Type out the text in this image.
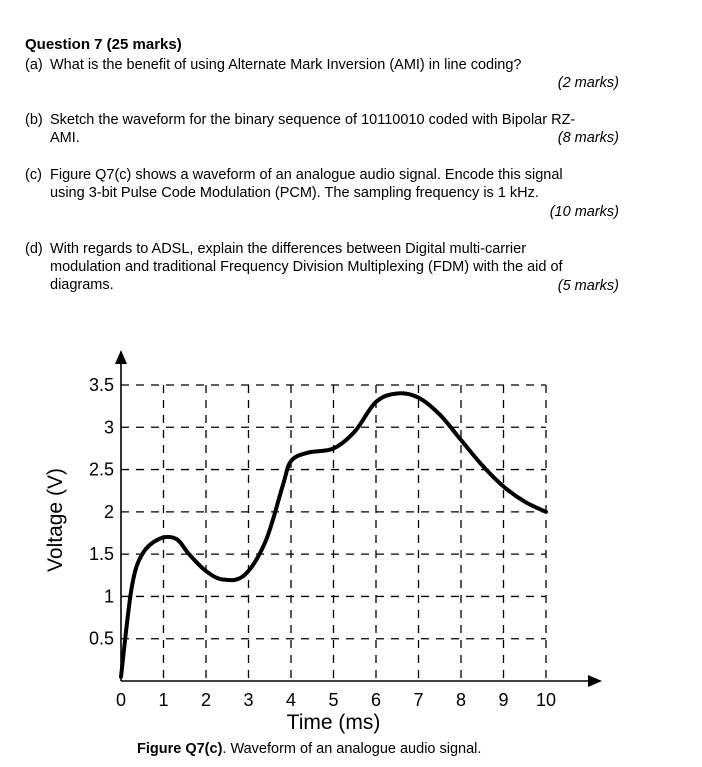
Question 7 (25 marks)
(a) What is the benefit of using Alternate Mark Inversion (AMI) in line coding?
(2 marks)
(b) Sketch the waveform for the binary sequence of 10110010 coded with Bipolar RZ-
AMI.	(8 marks)
(c) Figure Q7(c) shows a waveform of an analogue audio signal. Encode this signal
using 3-bit Pulse Code Modulation (PCM). The sampling frequency is 1 kHz.
(10 marks)
(d) With regards to ADSL, explain the differences between Digital multi-carrier
modulation and traditional Frequency Division Multiplexing (FDM) with the aid of
diagrams.	(5 marks)
0.5
1
1.5
2
2.5
3
3.5
0 1 2 3 4 5 6 7 8 9 10
Time (ms)
Voltage (V)
Figure Q7(c). Waveform of an analogue audio signal.
